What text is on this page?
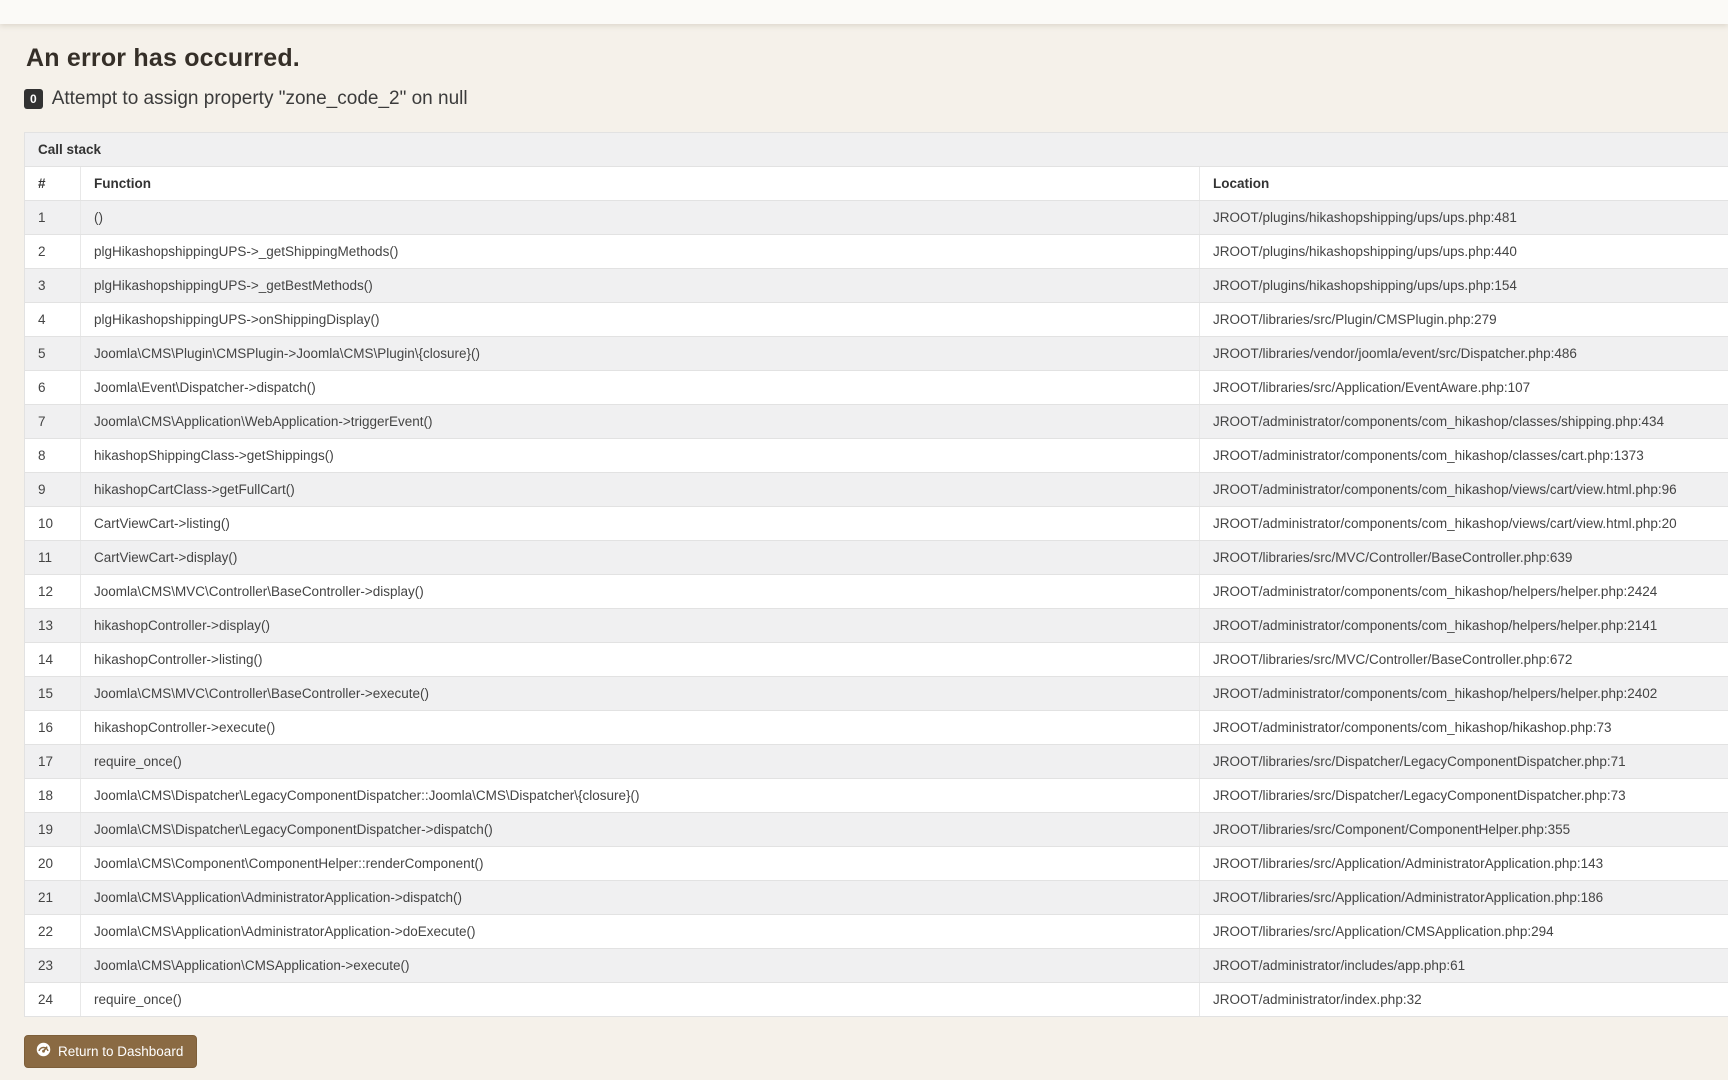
An error has occurred.
0 Attempt to assign property "zone_code_2" on null
Call stack		
#	Function	Location
1	()	JROOT/plugins/hikashopshipping/ups/ups.php:481
2	plgHikashopshippingUPS->_getShippingMethods()	JROOT/plugins/hikashopshipping/ups/ups.php:440
3	plgHikashopshippingUPS->_getBestMethods()	JROOT/plugins/hikashopshipping/ups/ups.php:154
4	plgHikashopshippingUPS->onShippingDisplay()	JROOT/libraries/src/Plugin/CMSPlugin.php:279
5	Joomla\CMS\Plugin\CMSPlugin->Joomla\CMS\Plugin\{closure}()	JROOT/libraries/vendor/joomla/event/src/Dispatcher.php:486
6	Joomla\Event\Dispatcher->dispatch()	JROOT/libraries/src/Application/EventAware.php:107
7	Joomla\CMS\Application\WebApplication->triggerEvent()	JROOT/administrator/components/com_hikashop/classes/shipping.php:434
8	hikashopShippingClass->getShippings()	JROOT/administrator/components/com_hikashop/classes/cart.php:1373
9	hikashopCartClass->getFullCart()	JROOT/administrator/components/com_hikashop/views/cart/view.html.php:96
10	CartViewCart->listing()	JROOT/administrator/components/com_hikashop/views/cart/view.html.php:20
11	CartViewCart->display()	JROOT/libraries/src/MVC/Controller/BaseController.php:639
12	Joomla\CMS\MVC\Controller\BaseController->display()	JROOT/administrator/components/com_hikashop/helpers/helper.php:2424
13	hikashopController->display()	JROOT/administrator/components/com_hikashop/helpers/helper.php:2141
14	hikashopController->listing()	JROOT/libraries/src/MVC/Controller/BaseController.php:672
15	Joomla\CMS\MVC\Controller\BaseController->execute()	JROOT/administrator/components/com_hikashop/helpers/helper.php:2402
16	hikashopController->execute()	JROOT/administrator/components/com_hikashop/hikashop.php:73
17	require_once()	JROOT/libraries/src/Dispatcher/LegacyComponentDispatcher.php:71
18	Joomla\CMS\Dispatcher\LegacyComponentDispatcher::Joomla\CMS\Dispatcher\{closure}()	JROOT/libraries/src/Dispatcher/LegacyComponentDispatcher.php:73
19	Joomla\CMS\Dispatcher\LegacyComponentDispatcher->dispatch()	JROOT/libraries/src/Component/ComponentHelper.php:355
20	Joomla\CMS\Component\ComponentHelper::renderComponent()	JROOT/libraries/src/Application/AdministratorApplication.php:143
21	Joomla\CMS\Application\AdministratorApplication->dispatch()	JROOT/libraries/src/Application/AdministratorApplication.php:186
22	Joomla\CMS\Application\AdministratorApplication->doExecute()	JROOT/libraries/src/Application/CMSApplication.php:294
23	Joomla\CMS\Application\CMSApplication->execute()	JROOT/administrator/includes/app.php:61
24	require_once()	JROOT/administrator/index.php:32
Return to Dashboard
